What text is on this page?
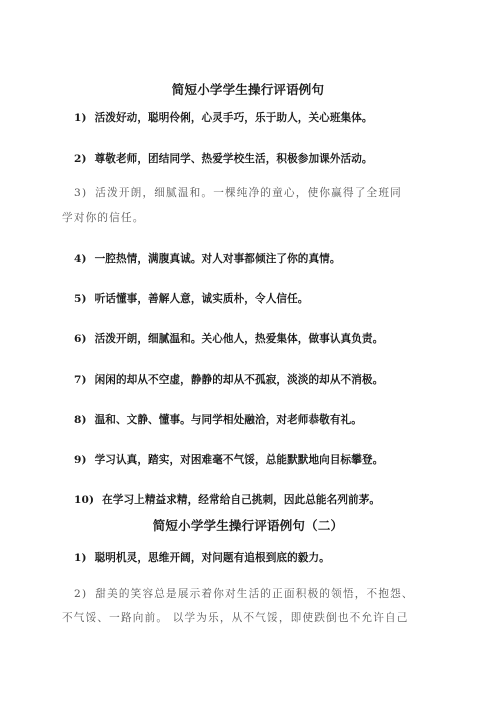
简短小学学生操行评语例句
1) 活泼好动，聪明伶俐，心灵手巧，乐于助人，关心班集体。
2) 尊敬老师，团结同学、热爱学校生活，积极参加课外活动。
3) 活泼开朗，细腻温和。一棵纯净的童心，使你赢得了全班同
学对你的信任。
4) 一腔热情，满腹真诚。对人对事都倾注了你的真情。
5) 听话懂事，善解人意，诚实质朴，令人信任。
6) 活泼开朗，细腻温和。关心他人，热爱集体，做事认真负责。
7) 闲闲的却从不空虚，静静的却从不孤寂，淡淡的却从不消极。
8) 温和、文静、懂事。与同学相处融洽，对老师恭敬有礼。
9) 学习认真，踏实，对困难毫不气馁，总能默默地向目标攀登。
10) 在学习上精益求精，经常给自己挑刺，因此总能名列前茅。
简短小学学生操行评语例句（二）
1) 聪明机灵，思维开阔，对问题有追根到底的毅力。
2) 甜美的笑容总是展示着你对生活的正面积极的领悟，不抱怨、
不气馁、一路向前。 以学为乐，从不气馁，即使跌倒也不允许自己
